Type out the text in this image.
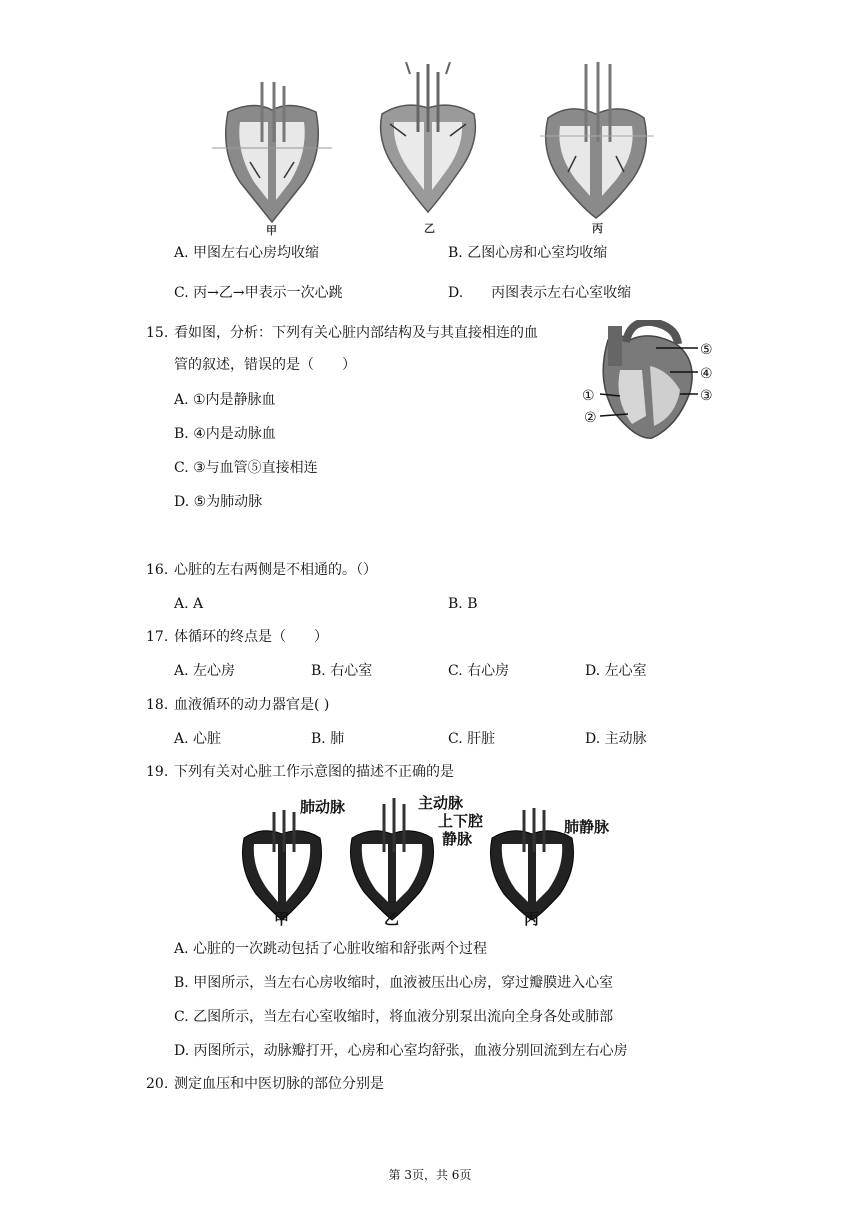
甲	乙	丙
A. 甲图左右心房均收缩	B. 乙图心房和心室均收缩
C. 丙→乙→甲表示一次心跳	D.　　丙图表示左右心室收缩
15. 看如图，分析：下列有关心脏内部结构及与其直接相连的血
管的叙述，错误的是（　　）
A. ①内是静脉血
B. ④内是动脉血
C. ③与血管⑤直接相连
D. ⑤为肺动脉
①
②
③
④
⑤
16. 心脏的左右两侧是不相通的。（）
A. A	B. B
17. 体循环的终点是（　　）
A. 左心房	B. 右心室	C. 右心房	D. 左心室
18. 血液循环的动力器官是( )
A. 心脏	B. 肺	C. 肝脏	D. 主动脉
19. 下列有关对心脏工作示意图的描述不正确的是
甲	乙	丙
肺动脉	主动脉
上下腔
静脉
肺静脉
A. 心脏的一次跳动包括了心脏收缩和舒张两个过程
B. 甲图所示，当左右心房收缩时，血液被压出心房，穿过瓣膜进入心室
C. 乙图所示，当左右心室收缩时，将血液分别泵出流向全身各处或肺部
D. 丙图所示，动脉瓣打开，心房和心室均舒张，血液分别回流到左右心房
20. 测定血压和中医切脉的部位分别是
第 3页，共 6页
